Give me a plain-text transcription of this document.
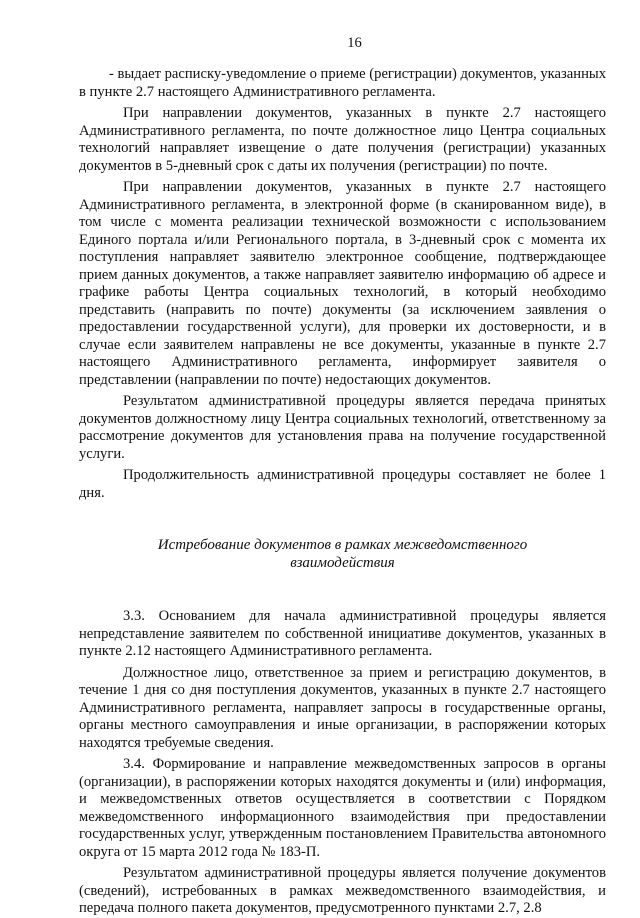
16

- выдает расписку-уведомление о приеме (регистрации) документов, указанных в пункте 2.7 настоящего Административного регламента.

При направлении документов, указанных в пункте 2.7 настоящего Административного регламента, по почте должностное лицо Центра социальных технологий направляет извещение о дате получения (регистрации) указанных документов в 5-дневный срок с даты их получения (регистрации) по почте.

При направлении документов, указанных в пункте 2.7 настоящего Административного регламента, в электронной форме (в сканированном виде), в том числе с момента реализации технической возможности с использованием Единого портала и/или Регионального портала, в 3-дневный срок с момента их поступления направляет заявителю электронное сообщение, подтверждающее прием данных документов, а также направляет заявителю информацию об адресе и графике работы Центра социальных технологий, в который необходимо представить (направить по почте) документы (за исключением заявления о предоставлении государственной услуги), для проверки их достоверности, и в случае если заявителем направлены не все документы, указанные в пункте 2.7 настоящего Административного регламента, информирует заявителя о представлении (направлении по почте) недостающих документов.

Результатом административной процедуры является передача принятых документов должностному лицу Центра социальных технологий, ответственному за рассмотрение документов для установления права на получение государственной услуги.

Продолжительность административной процедуры составляет не более 1 дня.

Истребование документов в рамках межведомственного
взаимодействия

3.3. Основанием для начала административной процедуры является непредставление заявителем по собственной инициативе документов, указанных в пункте 2.12 настоящего Административного регламента.

Должностное лицо, ответственное за прием и регистрацию документов, в течение 1 дня со дня поступления документов, указанных в пункте 2.7 настоящего Административного регламента, направляет запросы в государственные органы, органы местного самоуправления и иные организации, в распоряжении которых находятся требуемые сведения.

3.4. Формирование и направление межведомственных запросов в органы (организации), в распоряжении которых находятся документы и (или) информация, и межведомственных ответов осуществляется в соответствии с Порядком межведомственного информационного взаимодействия при предоставлении государственных услуг, утвержденным постановлением Правительства автономного округа от 15 марта 2012 года № 183-П.

Результатом административной процедуры является получение документов (сведений), истребованных в рамках межведомственного взаимодействия, и передача полного пакета документов, предусмотренного пунктами 2.7, 2.8
